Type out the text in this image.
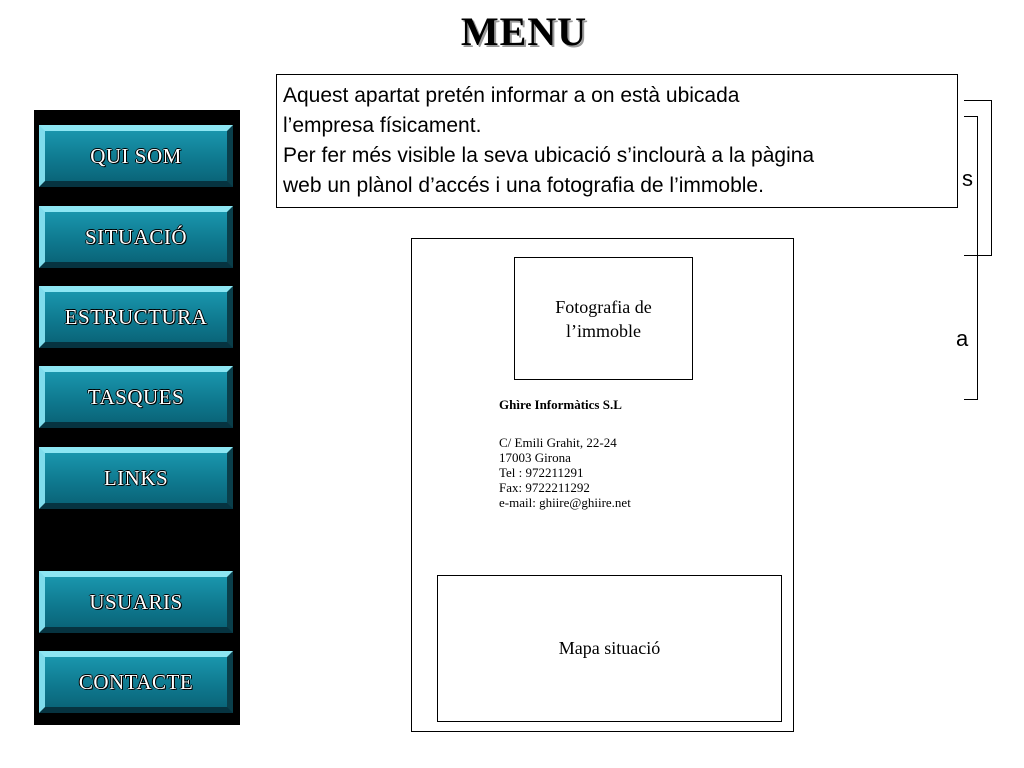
MENU
QUI SOM
SITUACIÓ
ESTRUCTURA
TASQUES
LINKS
USUARIS
CONTACTE

Aquest apartat pretén informar a on està ubicada

l’empresa físicament.

Per fer més visible la seva ubicació s’inclourà a la pàgina

web un plànol d’accés i una fotografia de l’immoble.	s
a
Fotografia de
l’immoble
Ghìre Informàtics S.L
C/ Emili Grahit, 22-24
17003 Girona
Tel : 972211291
Fax: 9722211292
e-mail: ghiire@ghiire.net
Mapa situació
